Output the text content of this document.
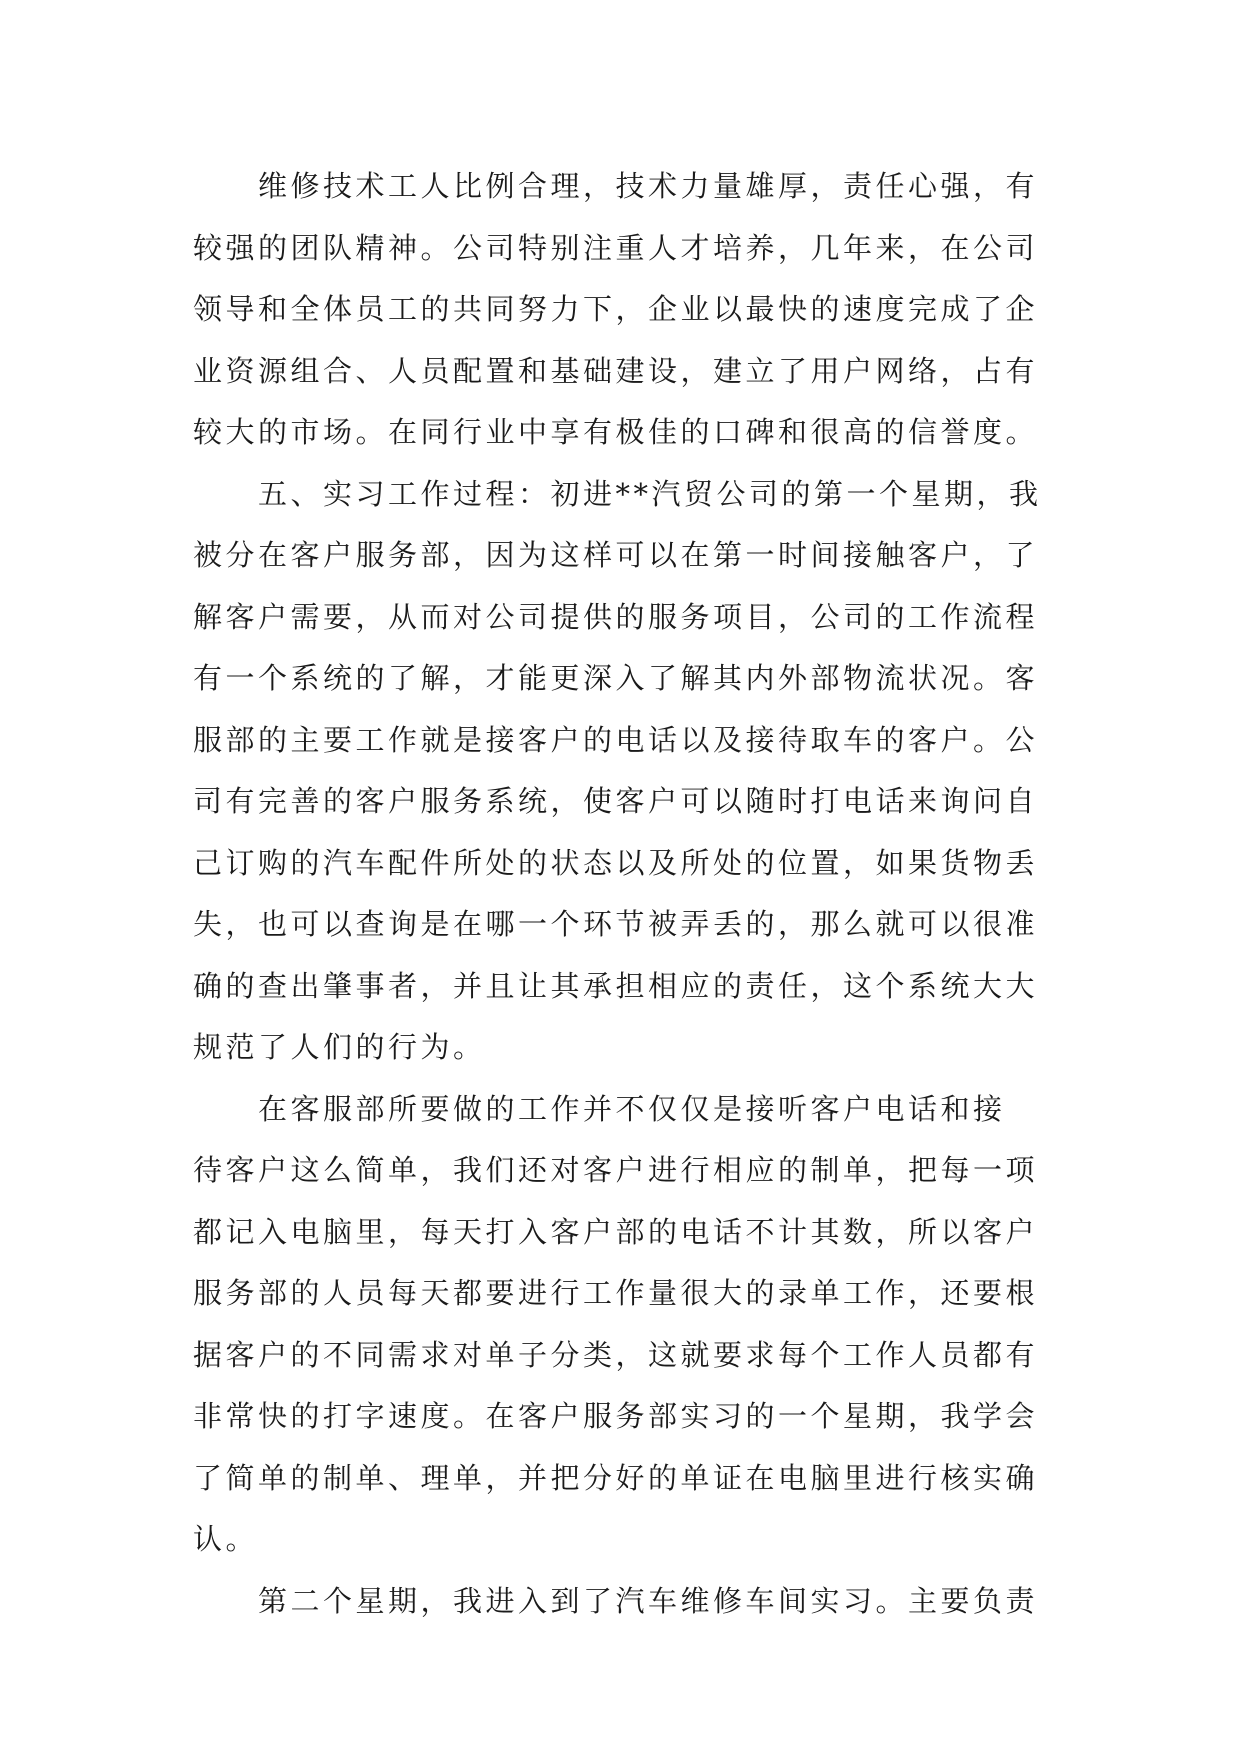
维修技术工人比例合理，技术力量雄厚，责任心强，有
较强的团队精神。公司特别注重人才培养，几年来，在公司
领导和全体员工的共同努力下，企业以最快的速度完成了企
业资源组合、人员配置和基础建设，建立了用户网络，占有
较大的市场。在同行业中享有极佳的口碑和很高的信誉度。
五、实习工作过程：初进**汽贸公司的第一个星期，我
被分在客户服务部，因为这样可以在第一时间接触客户，了
解客户需要，从而对公司提供的服务项目，公司的工作流程
有一个系统的了解，才能更深入了解其内外部物流状况。客
服部的主要工作就是接客户的电话以及接待取车的客户。公
司有完善的客户服务系统，使客户可以随时打电话来询问自
己订购的汽车配件所处的状态以及所处的位置，如果货物丢
失，也可以查询是在哪一个环节被弄丢的，那么就可以很准
确的查出肇事者，并且让其承担相应的责任，这个系统大大
规范了人们的行为。
在客服部所要做的工作并不仅仅是接听客户电话和接
待客户这么简单，我们还对客户进行相应的制单，把每一项
都记入电脑里，每天打入客户部的电话不计其数，所以客户
服务部的人员每天都要进行工作量很大的录单工作，还要根
据客户的不同需求对单子分类，这就要求每个工作人员都有
非常快的打字速度。在客户服务部实习的一个星期，我学会
了简单的制单、理单，并把分好的单证在电脑里进行核实确
认。
第二个星期，我进入到了汽车维修车间实习。主要负责
